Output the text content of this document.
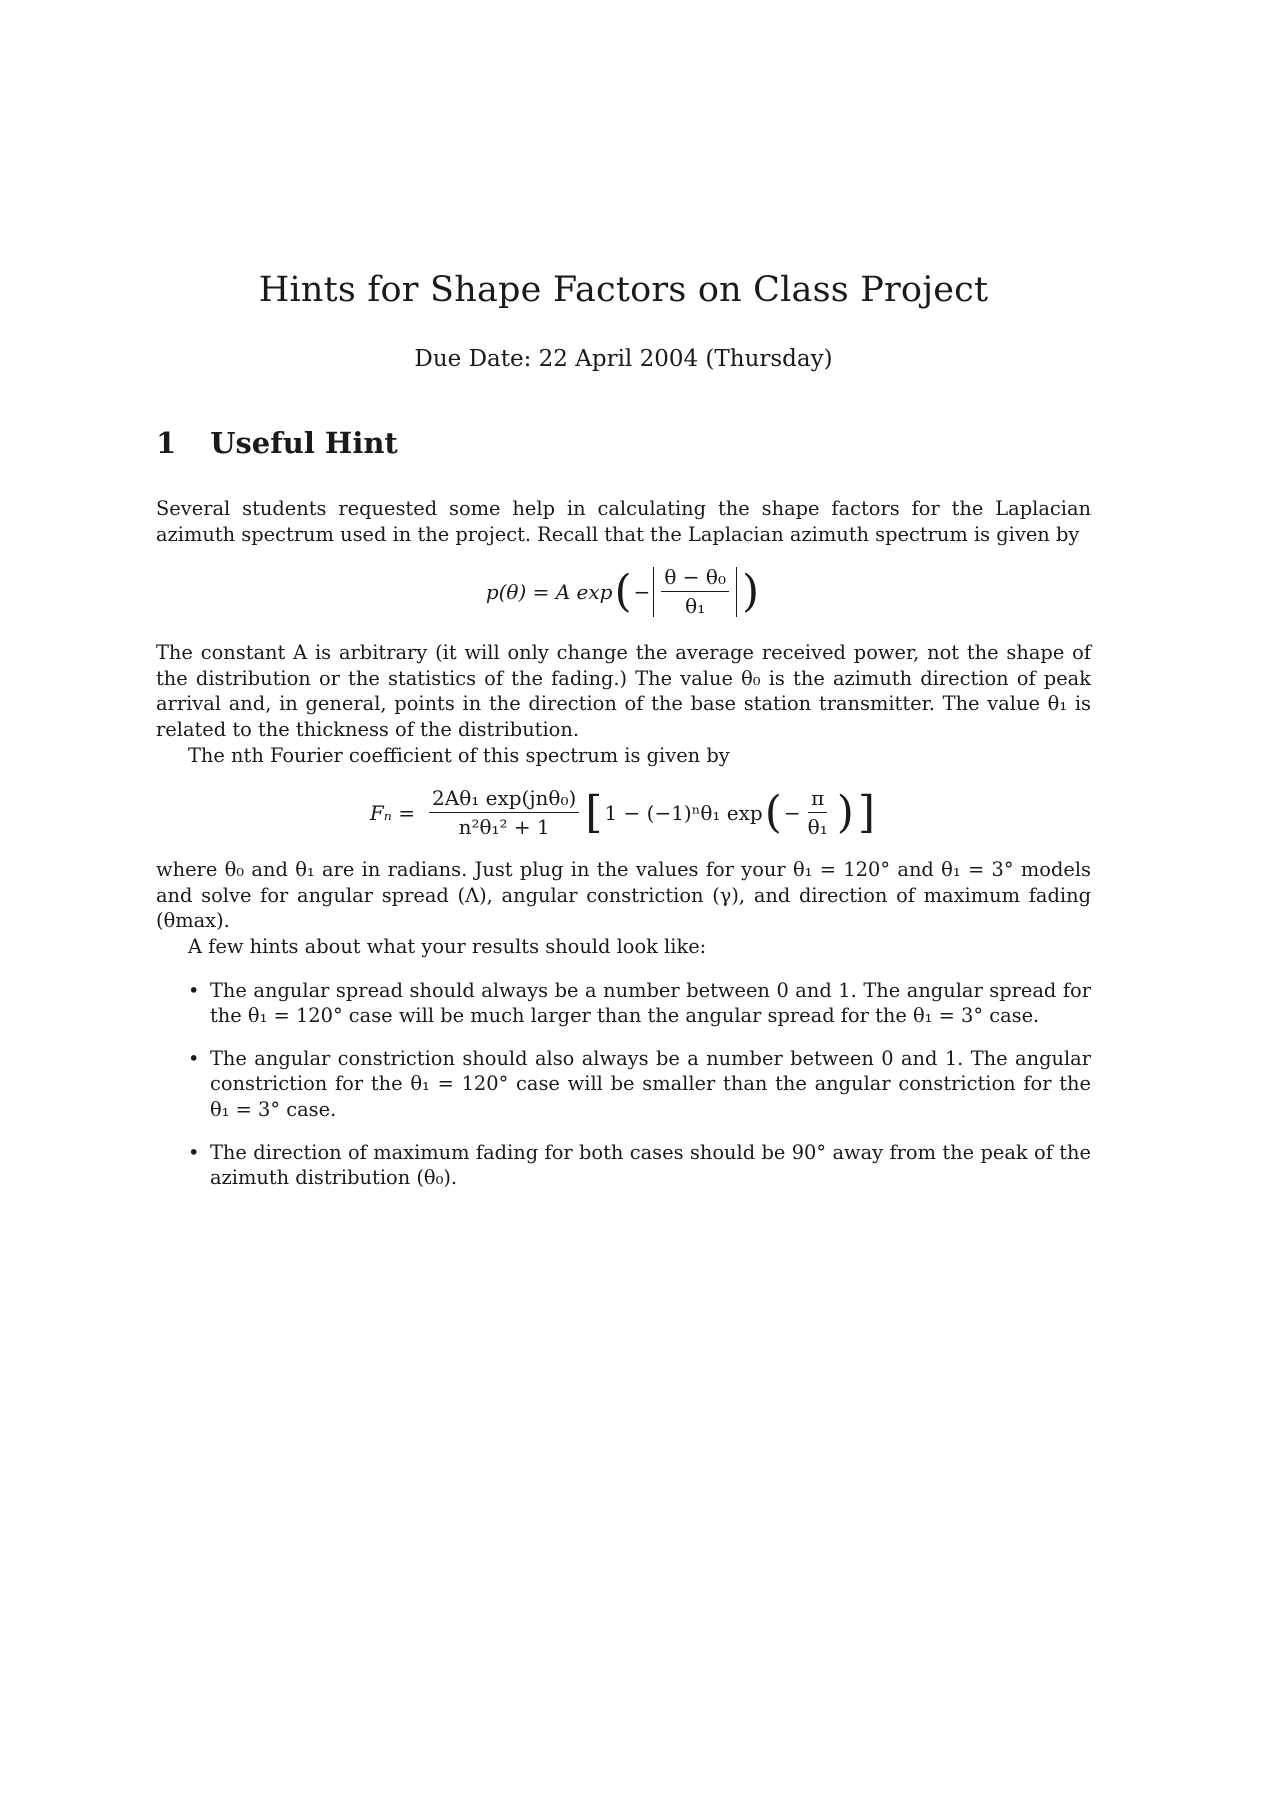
Hints for Shape Factors on Class Project
Due Date: 22 April 2004 (Thursday)
1 Useful Hint

Several students requested some help in calculating the shape factors for the Laplacian azimuth spectrum used in the project. Recall that the Laplacian azimuth spectrum is given by

p(θ) = A exp ( − $\frac{\text{θ − θ₀}}{\text{θ₁}}$ )

The constant A is arbitrary (it will only change the average received power, not the shape of the distribution or the statistics of the fading.) The value θ₀ is the azimuth direction of peak arrival and, in general, points in the direction of the base station transmitter. The value θ₁ is related to the thickness of the distribution.

The nth Fourier coefficient of this spectrum is given by

$F_n = \frac{\text{2Aθ₁ exp(jnθ₀)}}{\text{n²θ₁² + 1}}$ [ 1 − (−1)ⁿθ₁ exp ( − $\frac{\pi}{\text{θ₁}}$ ) ]

where θ₀ and θ₁ are in radians. Just plug in the values for your θ₁ = 120° and θ₁ = 3° models and solve for angular spread (Λ), angular constriction (γ), and direction of maximum fading (θmax).

A few hints about what your results should look like:

• The angular spread should always be a number between 0 and 1. The angular spread for the θ₁ = 120° case will be much larger than the angular spread for the θ₁ = 3° case.
• The angular constriction should also always be a number between 0 and 1. The angular constriction for the θ₁ = 120° case will be smaller than the angular constriction for the θ₁ = 3° case.
• The direction of maximum fading for both cases should be 90° away from the peak of the azimuth distribution (θ₀).
